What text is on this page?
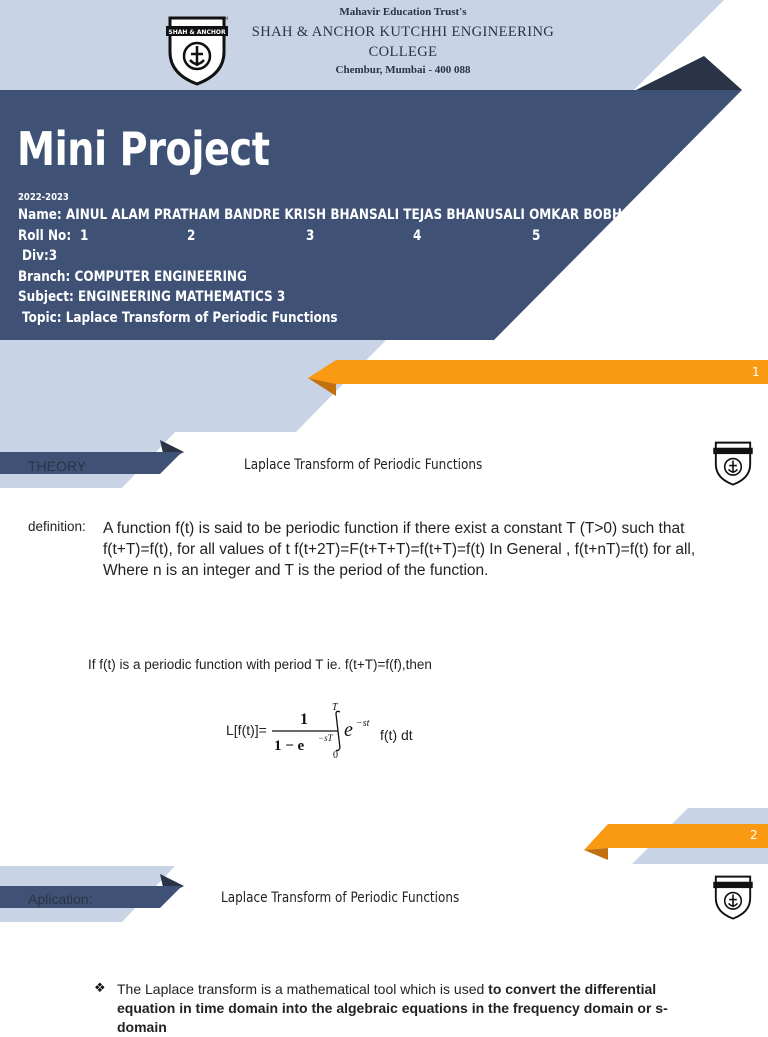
SHAH & ANCHOR
SM
Mahavir Education Trust's
SHAH & ANCHOR KUTCHHI ENGINEERING COLLEGE
Chembur, Mumbai - 400 088
Mini Project
2022-2023
Name: AINUL ALAM PRATHAM BANDRE KRISH BHANSALI TEJAS BHANUSALI OMKAR BOBHATE
Roll No: 1	2	3	4	5
Div:3
Branch: COMPUTER ENGINEERING
Subject: ENGINEERING MATHEMATICS 3
Topic: Laplace Transform of Periodic Functions
1
THEORY	Laplace Transform of Periodic Functions
definition: A function f(t) is said to be periodic function if there exist a constant T (T>0) such that f(t+T)=f(t), for all values of t f(t+2T)=F(t+T+T)=f(t+T)=f(t) In General , f(t+nT)=f(t) for all, Where n is an integer and T is the period of the function.
If f(t) is a periodic function with period T ie. f(t+T)=f(f),then
L[f(t)]=
1
1 − e −sT
T
0
e −st
f(t) dt
2
Aplication:	Laplace Transform of Periodic Functions
❖ The Laplace transform is a mathematical tool which is used to convert the differential equation in time domain into the algebraic equations in the frequency domain or s-domain
